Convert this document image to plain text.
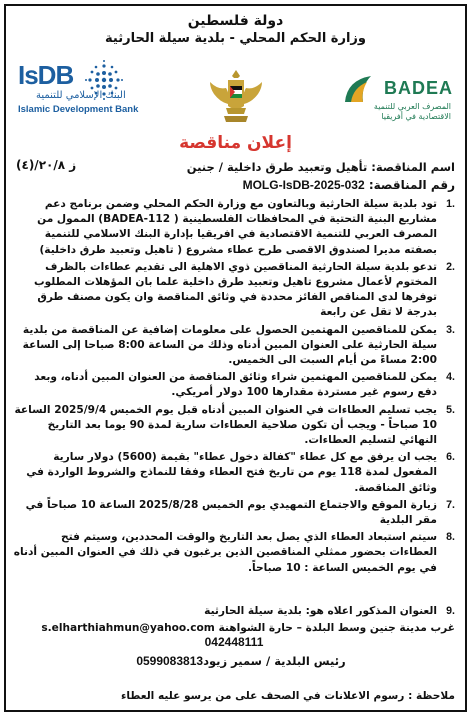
دولة فلسطين
وزارة الحكم المحلي - بلدية سيلة الحارثية
IsDB
البنك الإسلامي للتنمية
Islamic Development Bank
BADEA
المصرف العربي للتنمية الاقتصادية في أفريقيا
إعلان مناقصة
ز ٢٠/٨/(٤)	اسم المناقصة: تأهيل وتعبيد طرق داخلية / جنين
رقم المناقصة: MOLG-IsDB-2025-032
.1
تود بلدية سيلة الحارثية وبالتعاون مع وزارة الحكم المحلي وضمن برنامج دعم مشاريع البنية التحتية في المحافظات الفلسطينية ( BADEA-112) الممول من المصرف العربي للتنمية الاقتصادية في افريقيا بإدارة البنك الاسلامي للتنمية بصفته مديرا لصندوق الاقصى طرح عطاء مشروع ( تاهيل وتعبيد طرق داخلية)
.2
تدعو بلدية سيلة الحارثية المناقصين ذوي الاهلية الى تقديم عطاءات بالظرف المختوم لأعمال مشروع تاهيل وتعبيد طرق داخلية علما بان المؤهلات المطلوب توفرها لدى المناقص الفائز محددة في وثائق المناقصة وان يكون مصنف طرق بدرجة لا تقل عن رابعة
.3
يمكن للمناقصين المهتمين الحصول على معلومات إضافية عن المناقصة من بلدية سيلة الحارثية على العنوان المبين أدناه وذلك من الساعة 8:00 صباحا إلى الساعة 2:00 مساءً من أيام السبت الى الخميس.
.4
يمكن للمناقصين المهتمين شراء وثائق المناقصة من العنوان المبين أدناه، وبعد دفع رسوم غير مستردة مقدارها 100 دولار أمريكي.
.5
يجب تسليم العطاءات في العنوان المبين أدناه قبل يوم الخميس 2025/9/4 الساعة 10 صباحاً - ويجب أن تكون صلاحية العطاءات سارية لمدة 90 يوما بعد التاريخ النهائي لتسليم العطاءات.
.6
يجب ان يرفق مع كل عطاء "كفالة دخول عطاء" بقيمة (5600) دولار سارية المفعول لمدة 118 يوم من تاريخ فتح العطاء وفقا للنماذج والشروط الواردة في وثائق المناقصة.
.7
زيارة الموقع والاجتماع التمهيدي يوم الخميس 2025/8/28 الساعة 10 صباحاً في مقر البلدية
.8
سيتم استبعاد العطاء الذي يصل بعد التاريخ والوقت المحددين، وسيتم فتح العطاءات بحضور ممثلي المناقصين الذين يرغبون في ذلك في العنوان المبين أدناه في يوم الخميس الساعة : 10 صباحاً.
.9
العنوان المذكور اعلاه هو: بلدية سيلة الحارثية
غرب مدينة جنين وسط البلدة – حارة الشواهنة s.elharthiahmun@yahoo.com
042448111
رئيس البلدية / سمير زيود0599083813
ملاحظة : رسوم الاعلانات في الصحف على من يرسو عليه العطاء
